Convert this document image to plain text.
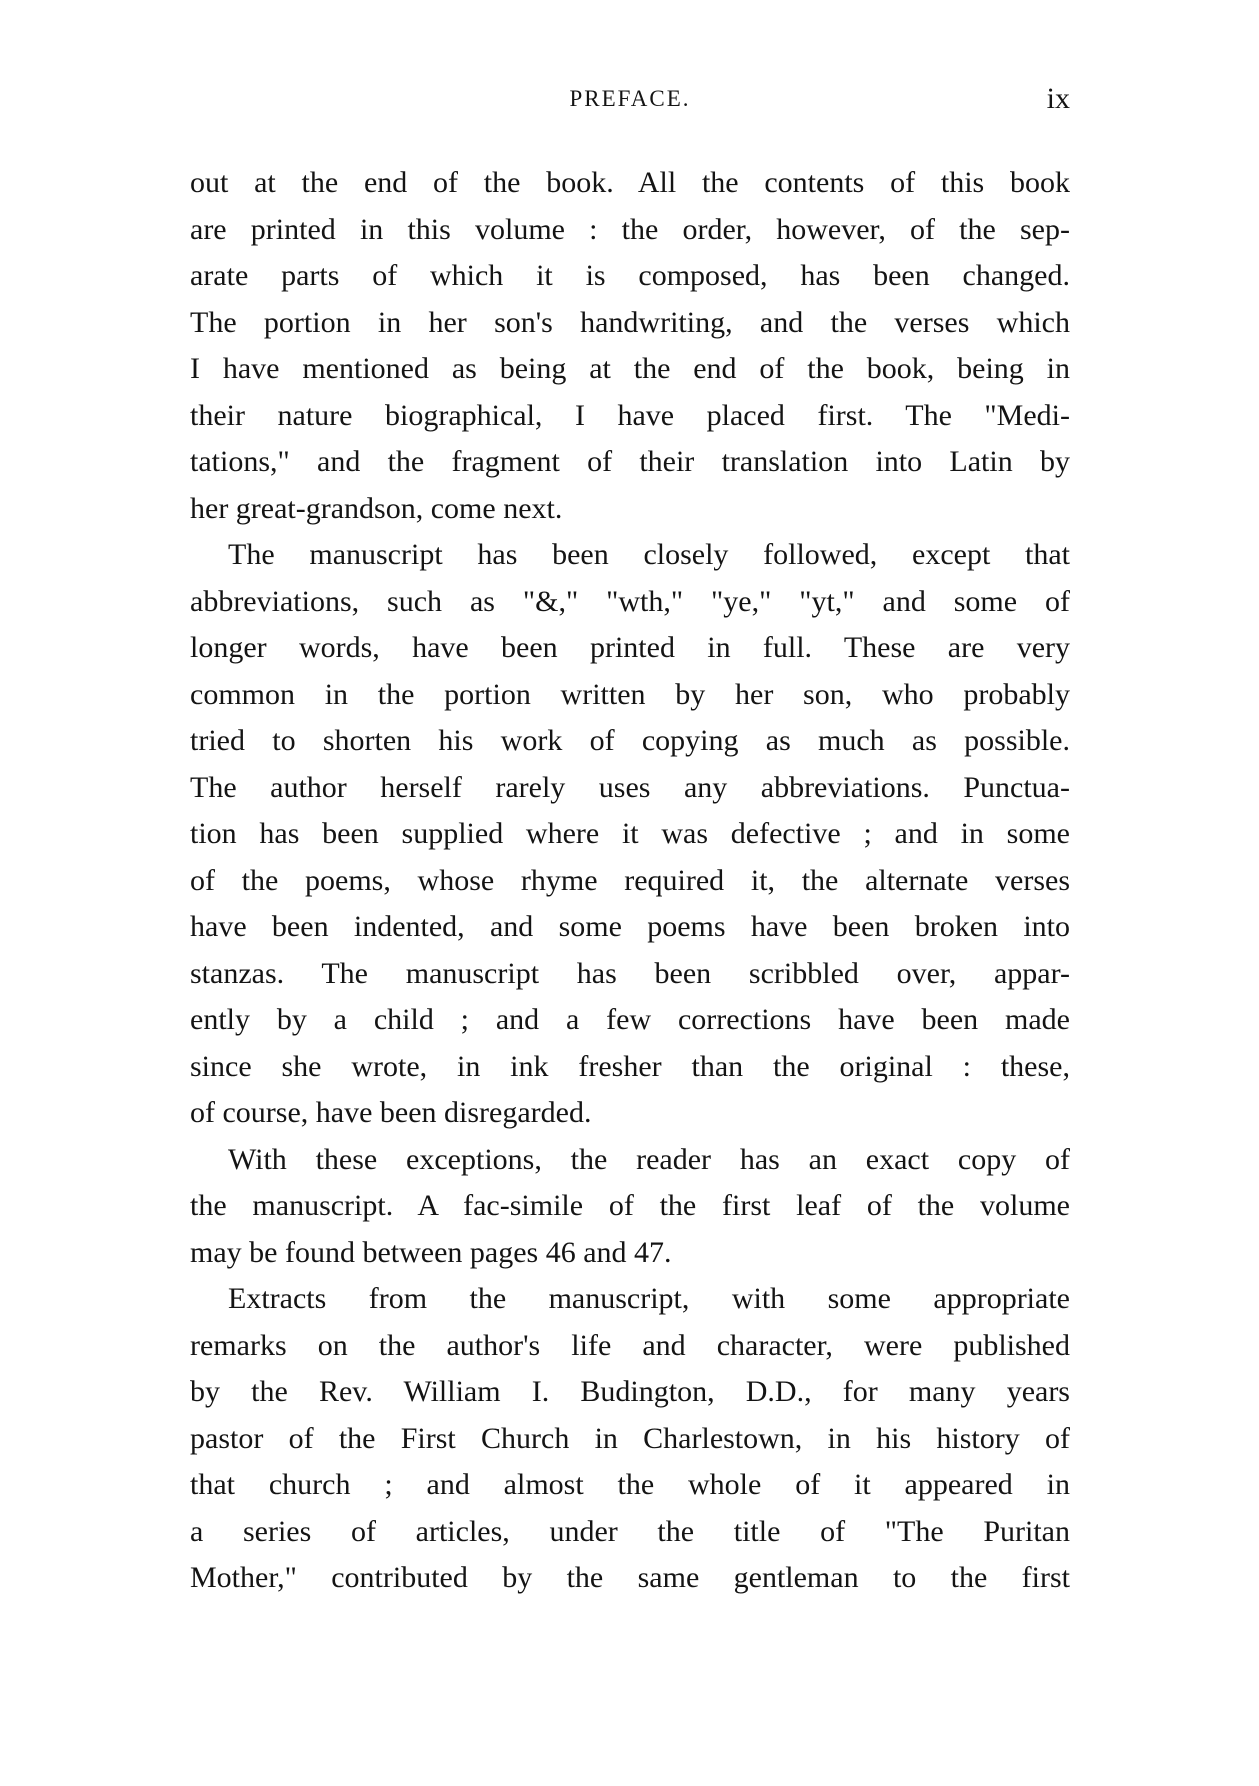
PREFACE.	ix
out at the end of the book. All the contents of this book
are printed in this volume : the order, however, of the sep-
arate parts of which it is composed, has been changed.
The portion in her son's handwriting, and the verses which
I have mentioned as being at the end of the book, being in
their nature biographical, I have placed first. The "Medi-
tations," and the fragment of their translation into Latin by
her great-grandson, come next.
The manuscript has been closely followed, except that
abbreviations, such as "&," "wth," "ye," "yt," and some of
longer words, have been printed in full. These are very
common in the portion written by her son, who probably
tried to shorten his work of copying as much as possible.
The author herself rarely uses any abbreviations. Punctua-
tion has been supplied where it was defective ; and in some
of the poems, whose rhyme required it, the alternate verses
have been indented, and some poems have been broken into
stanzas. The manuscript has been scribbled over, appar-
ently by a child ; and a few corrections have been made
since she wrote, in ink fresher than the original : these,
of course, have been disregarded.
With these exceptions, the reader has an exact copy of
the manuscript. A fac-simile of the first leaf of the volume
may be found between pages 46 and 47.
Extracts from the manuscript, with some appropriate
remarks on the author's life and character, were published
by the Rev. William I. Budington, D.D., for many years
pastor of the First Church in Charlestown, in his history of
that church ; and almost the whole of it appeared in
a series of articles, under the title of "The Puritan
Mother," contributed by the same gentleman to the first
